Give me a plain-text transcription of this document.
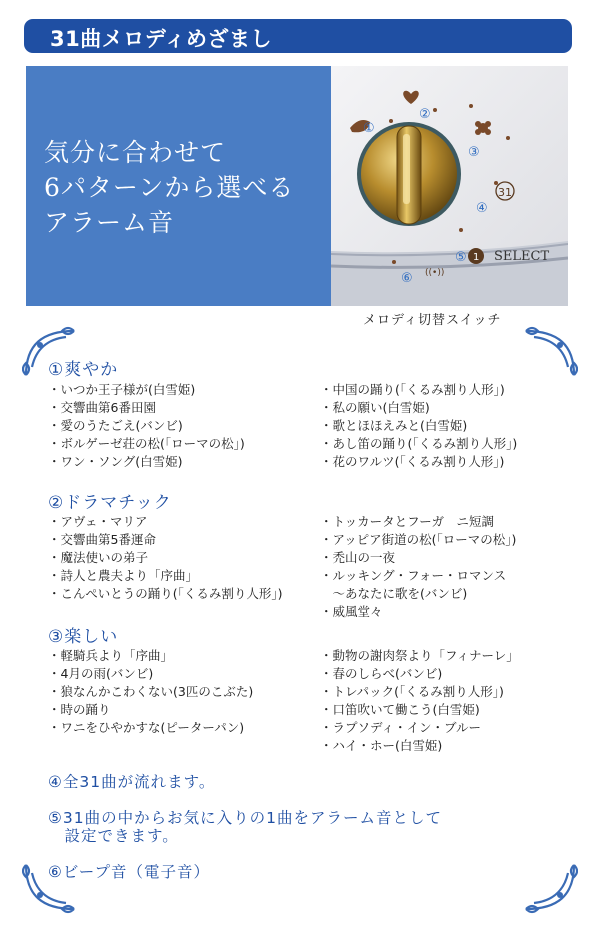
31曲メロディめざまし
気分に合わせて
6パターンから選べる
アラーム音
①
②
③
④
⑤
⑥
31
1 SELECT
((•))
メロディ切替スイッチ
①爽やか
・いつか王子様が(白雪姫)
・交響曲第6番田園
・愛のうたごえ(バンビ)
・ボルゲーゼ荘の松(「ローマの松」)
・ワン・ソング(白雪姫)
・中国の踊り(「くるみ割り人形」)
・私の願い(白雪姫)
・歌とほほえみと(白雪姫)
・あし笛の踊り(「くるみ割り人形」)
・花のワルツ(「くるみ割り人形」)
②ドラマチック
・アヴェ・マリア
・交響曲第5番運命
・魔法使いの弟子
・詩人と農夫より「序曲」
・こんぺいとうの踊り(「くるみ割り人形」)
・トッカータとフーガ　ニ短調
・アッピア街道の松(「ローマの松」)
・禿山の一夜
・ルッキング・フォー・ロマンス
　～あなたに歌を(バンビ)
・威風堂々
③楽しい
・軽騎兵より「序曲」
・4月の雨(バンビ)
・狼なんかこわくない(3匹のこぶた)
・時の踊り
・ワニをひやかすな(ピーターパン)
・動物の謝肉祭より「フィナーレ」
・春のしらべ(バンビ)
・トレパック(「くるみ割り人形」)
・口笛吹いて働こう(白雪姫)
・ラプソディ・イン・ブルー
・ハイ・ホー(白雪姫)
④全31曲が流れます。
⑤31曲の中からお気に入りの1曲をアラーム音として
　設定できます。
⑥ビープ音（電子音）
